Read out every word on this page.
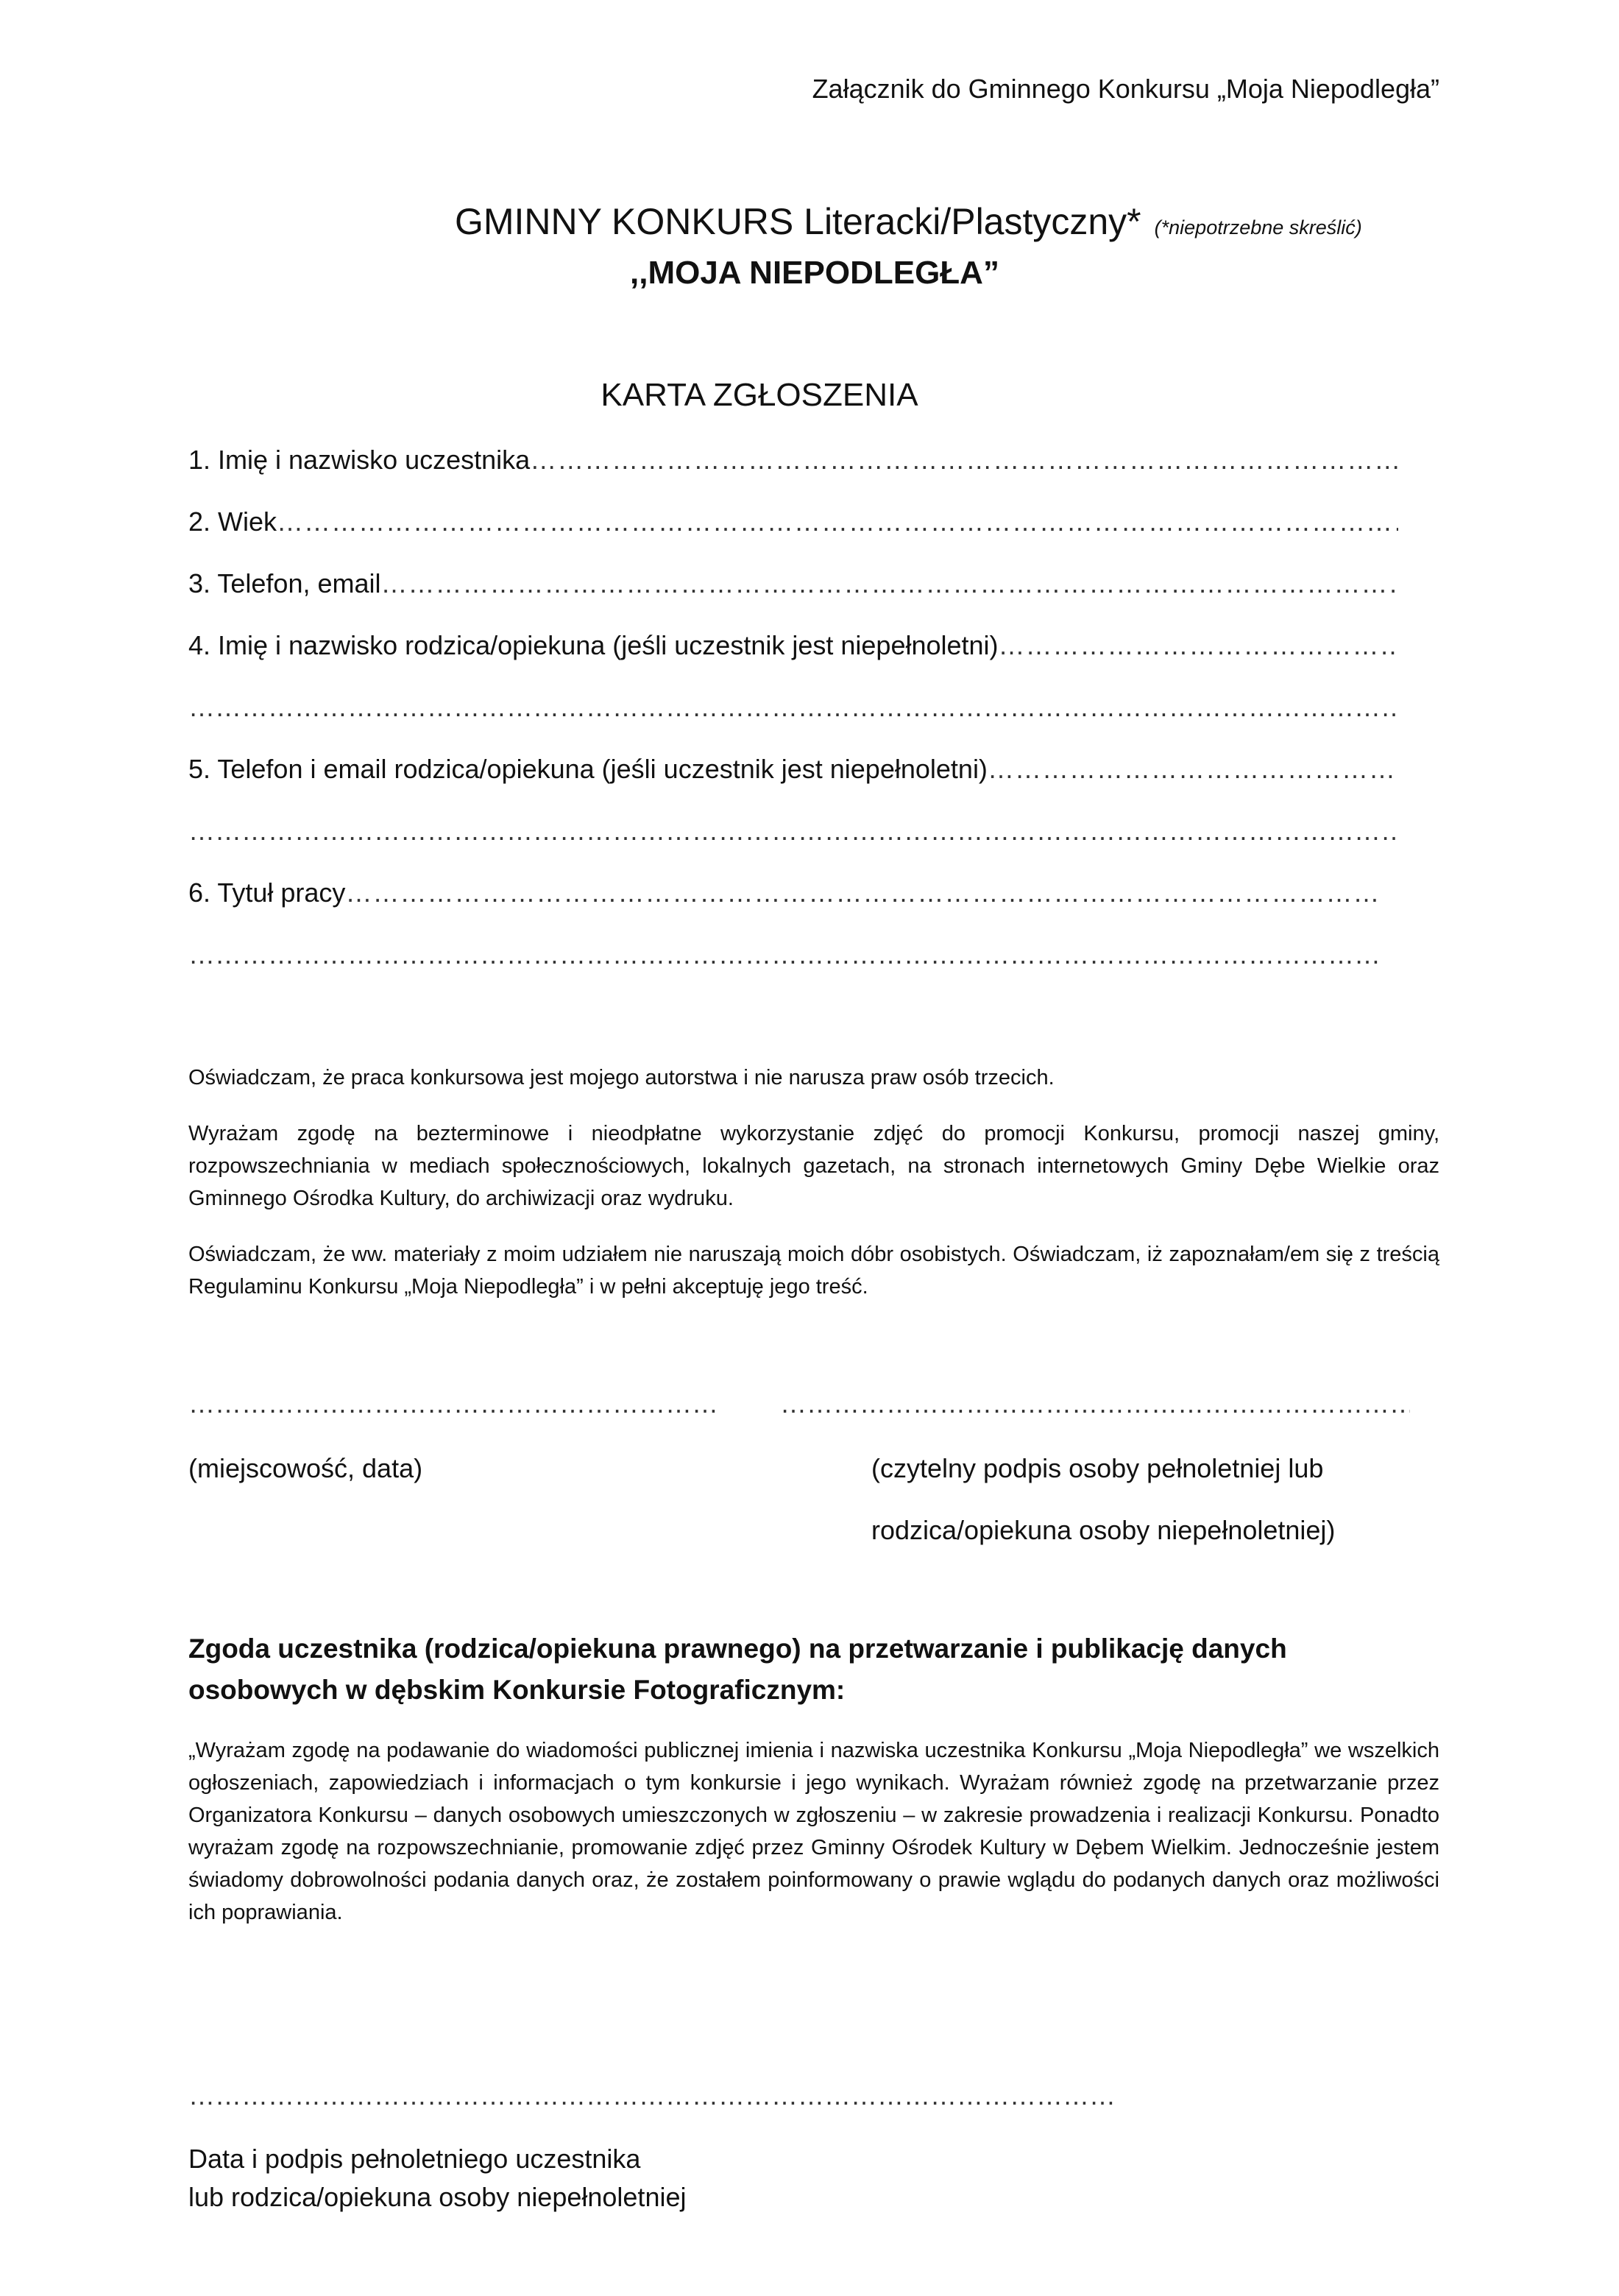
Załącznik do Gminnego Konkursu „Moja Niepodległa”
GMINNY KONKURS Literacki/Plastyczny* (*niepotrzebne skreślić)
,,MOJA NIEPODLEGŁA”
KARTA ZGŁOSZENIA
1. Imię i nazwisko uczestnika
…………………………………………………………………………………………………………………………………………………………………………………………………………………………………………………………………………………………
2. Wiek
…………………………………………………………………………………………………………………………………………………………………………………………………………………………………………………………………………………………
3. Telefon, email
…………………………………………………………………………………………………………………………………………………………………………………………………………………………………………………………………………………………
4. Imię i nazwisko rodzica/opiekuna (jeśli uczestnik jest niepełnoletni)
…………………………………………………………………………………………………………………………………………………………………………………………………………………………………………………………………………………………
…………………………………………………………………………………………………………………………………………………………………………………………………………………………………………………………………………………………
5. Telefon i email rodzica/opiekuna (jeśli uczestnik jest niepełnoletni)
…………………………………………………………………………………………………………………………………………………………………………………………………………………………………………………………………………………………
…………………………………………………………………………………………………………………………………………………………………………………………………………………………………………………………………………………………
6. Tytuł pracy
…………………………………………………………………………………………………………………………………………………………………………………………………………………………………………………………………………………………
…………………………………………………………………………………………………………………………………………………………………………………………………………………………………………………………………………………………
Oświadczam, że praca konkursowa jest mojego autorstwa i nie narusza praw osób trzecich.
Wyrażam zgodę na bezterminowe i nieodpłatne wykorzystanie zdjęć do promocji Konkursu, promocji naszej gminy, rozpowszechniania w mediach społecznościowych, lokalnych gazetach, na stronach internetowych Gminy Dębe Wielkie oraz Gminnego Ośrodka Kultury, do archiwizacji oraz wydruku.
Oświadczam, że ww. materiały z moim udziałem nie naruszają moich dóbr osobistych. Oświadczam, iż zapoznałam/em się z treścią Regulaminu Konkursu „Moja Niepodległa” i w pełni akceptuję jego treść.
…………………………………………………………………………………………………………………………………………………………………………………………………
…………………………………………………………………………………………………………………………………………………………………………………………………
(miejscowość, data)	(czytelny podpis osoby pełnoletniej lub
rodzica/opiekuna osoby niepełnoletniej)
Zgoda uczestnika (rodzica/opiekuna prawnego) na przetwarzanie i publikację danych osobowych w dębskim Konkursie Fotograficznym:
„Wyrażam zgodę na podawanie do wiadomości publicznej imienia i nazwiska uczestnika Konkursu „Moja Niepodległa” we wszelkich ogłoszeniach, zapowiedziach i informacjach o tym konkursie i jego wynikach. Wyrażam również zgodę na przetwarzanie przez Organizatora Konkursu – danych osobowych umieszczonych w zgłoszeniu – w zakresie prowadzenia i realizacji Konkursu. Ponadto wyrażam zgodę na rozpowszechnianie, promowanie zdjęć przez Gminny Ośrodek Kultury w Dębem Wielkim. Jednocześnie jestem świadomy dobrowolności podania danych oraz, że zostałem poinformowany o prawie wglądu do podanych danych oraz możliwości ich poprawiania.
…………………………………………………………………………………………………………………………………………………………………………………………………
Data i podpis pełnoletniego uczestnika
lub rodzica/opiekuna osoby niepełnoletniej
